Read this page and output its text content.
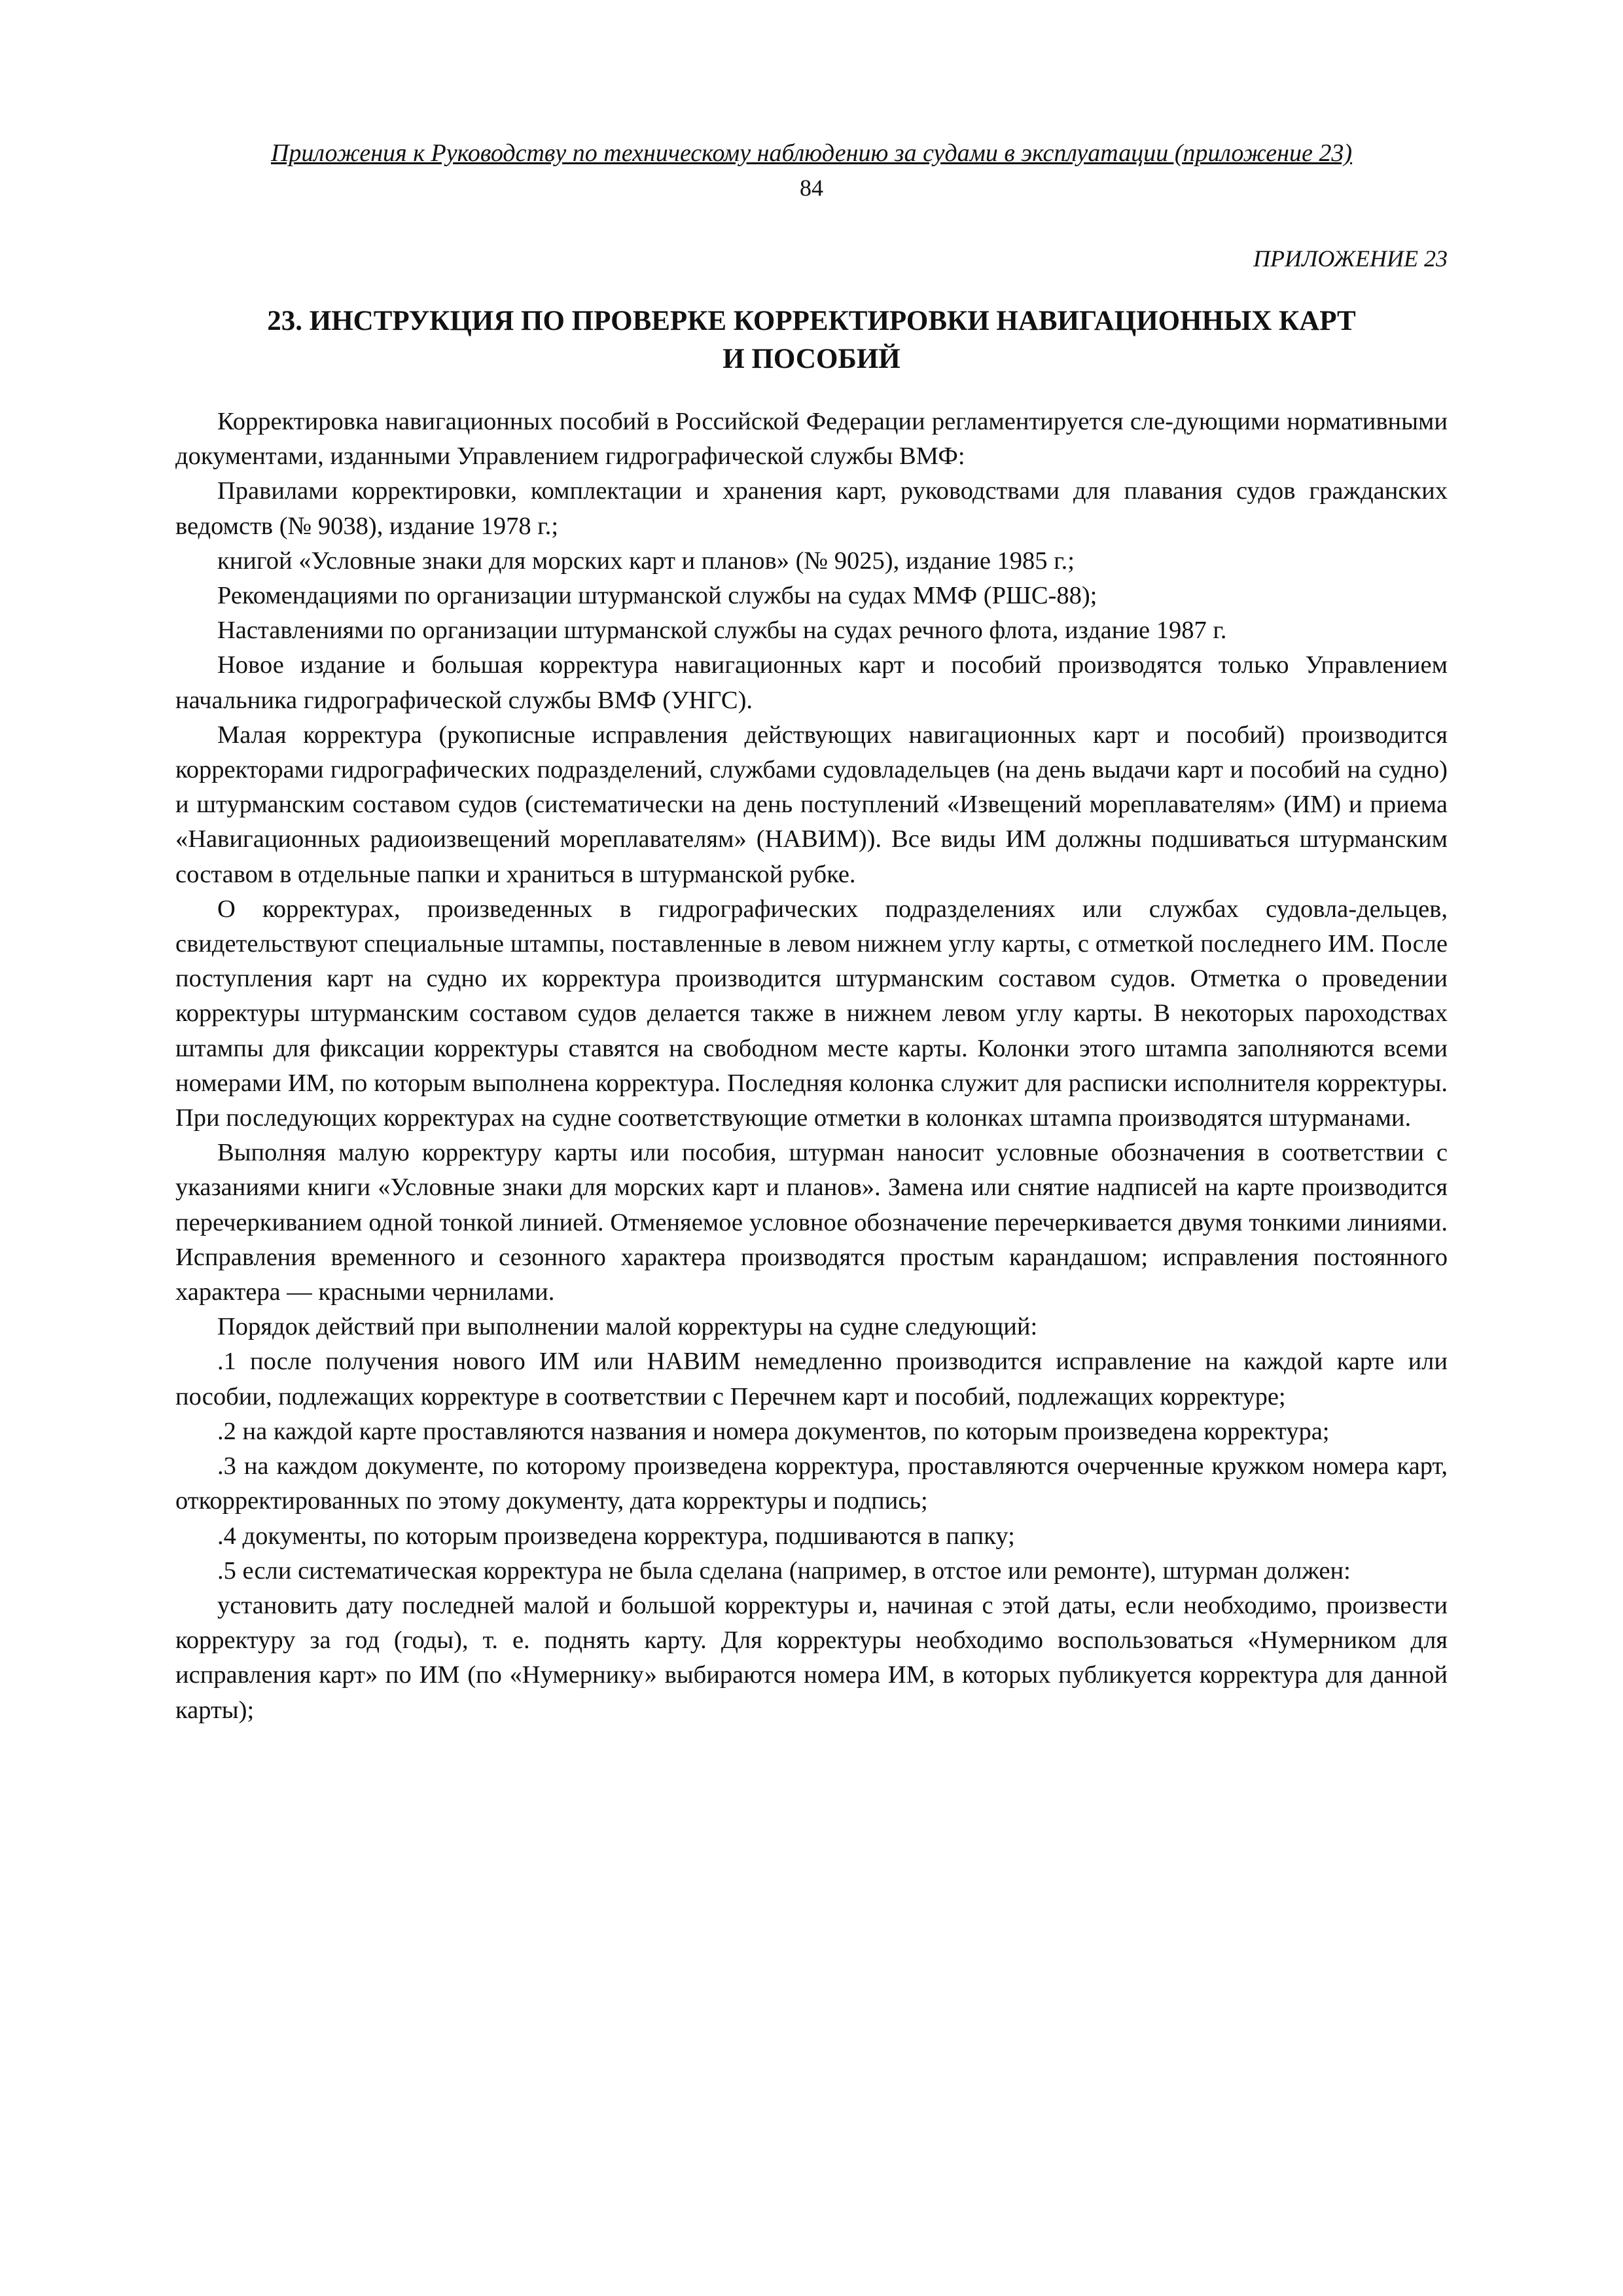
Приложения к Руководству по техническому наблюдению за судами в эксплуатации (приложение 23)
84
ПРИЛОЖЕНИЕ 23
23. ИНСТРУКЦИЯ ПО ПРОВЕРКЕ КОРРЕКТИРОВКИ НАВИГАЦИОННЫХ КАРТ
И ПОСОБИЙ

Корректировка навигационных пособий в Российской Федерации регламентируется сле-дующими нормативными документами, изданными Управлением гидрографической службы ВМФ:

Правилами корректировки, комплектации и хранения карт, руководствами для плавания судов гражданских ведомств (№ 9038), издание 1978 г.;

книгой «Условные знаки для морских карт и планов» (№ 9025), издание 1985 г.;

Рекомендациями по организации штурманской службы на судах ММФ (РШС-88);

Наставлениями по организации штурманской службы на судах речного флота, издание 1987 г.

Новое издание и большая корректура навигационных карт и пособий производятся только Управлением начальника гидрографической службы ВМФ (УНГС).

Малая корректура (рукописные исправления действующих навигационных карт и пособий) производится корректорами гидрографических подразделений, службами судовладельцев (на день выдачи карт и пособий на судно) и штурманским составом судов (систематически на день поступлений «Извещений мореплавателям» (ИМ) и приема «Навигационных радиоизвещений мореплавателям» (НАВИМ)). Все виды ИМ должны подшиваться штурманским составом в отдельные папки и храниться в штурманской рубке.

О корректурах, произведенных в гидрографических подразделениях или службах судовла-дельцев, свидетельствуют специальные штампы, поставленные в левом нижнем углу карты, с отметкой последнего ИМ. После поступления карт на судно их корректура производится штурманским составом судов. Отметка о проведении корректуры штурманским составом судов делается также в нижнем левом углу карты. В некоторых пароходствах штампы для фиксации корректуры ставятся на свободном месте карты. Колонки этого штампа заполняются всеми номерами ИМ, по которым выполнена корректура. Последняя колонка служит для расписки исполнителя корректуры. При последующих корректурах на судне соответствующие отметки в колонках штампа производятся штурманами.

Выполняя малую корректуру карты или пособия, штурман наносит условные обозначения в соответствии с указаниями книги «Условные знаки для морских карт и планов». Замена или снятие надписей на карте производится перечеркиванием одной тонкой линией. Отменяемое условное обозначение перечеркивается двумя тонкими линиями. Исправления временного и сезонного характера производятся простым карандашом; исправления постоянного характера — красными чернилами.

Порядок действий при выполнении малой корректуры на судне следующий:

.1 после получения нового ИМ или НАВИМ немедленно производится исправление на каждой карте или пособии, подлежащих корректуре в соответствии с Перечнем карт и пособий, подлежащих корректуре;

.2 на каждой карте проставляются названия и номера документов, по которым произведена корректура;

.3 на каждом документе, по которому произведена корректура, проставляются очерченные кружком номера карт, откорректированных по этому документу, дата корректуры и подпись;

.4 документы, по которым произведена корректура, подшиваются в папку;

.5 если систематическая корректура не была сделана (например, в отстое или ремонте), штурман должен:

установить дату последней малой и большой корректуры и, начиная с этой даты, если необходимо, произвести корректуру за год (годы), т. е. поднять карту. Для корректуры необходимо воспользоваться «Нумерником для исправления карт» по ИМ (по «Нумернику» выбираются номера ИМ, в которых публикуется корректура для данной карты);
